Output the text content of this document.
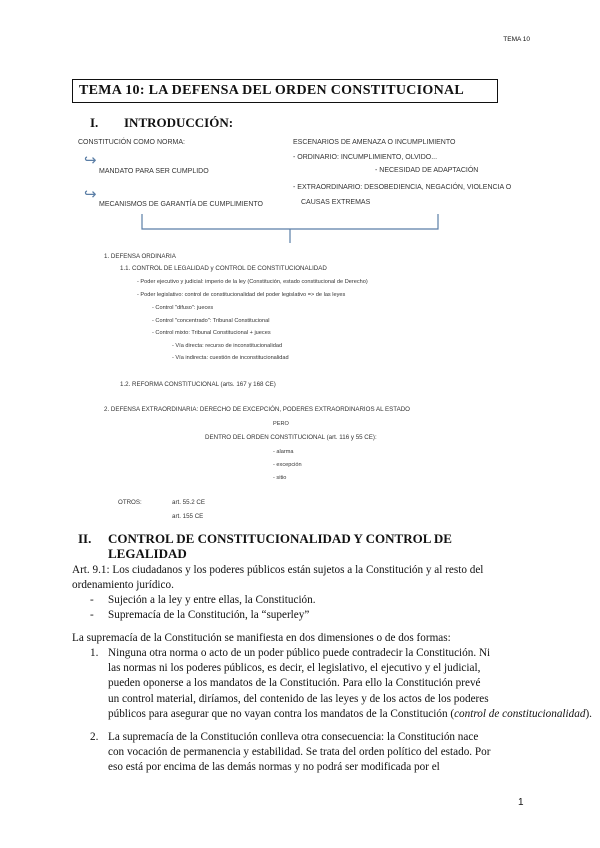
TEMA 10
TEMA 10: LA DEFENSA DEL ORDEN CONSTITUCIONAL
I. INTRODUCCIÓN:
CONSTITUCIÓN COMO NORMA:
↪
MANDATO PARA SER CUMPLIDO
↪
MECANISMOS DE GARANTÍA DE CUMPLIMIENTO
ESCENARIOS DE AMENAZA O INCUMPLIMIENTO
- ORDINARIO: INCUMPLIMIENTO, OLVIDO...
- NECESIDAD DE ADAPTACIÓN
- EXTRAORDINARIO: DESOBEDIENCIA, NEGACIÓN, VIOLENCIA O
CAUSAS EXTREMAS
1. DEFENSA ORDINARIA
1.1. CONTROL DE LEGALIDAD y CONTROL DE CONSTITUCIONALIDAD
- Poder ejecutivo y judicial: imperio de la ley (Constitución, estado constitucional de Derecho)
- Poder legislativo: control de constitucionalidad del poder legislativo => de las leyes
- Control "difuso": jueces
- Control "concentrado": Tribunal Constitucional
- Control mixto: Tribunal Constitucional + jueces
- Vía directa: recurso de inconstitucionalidad
- Vía indirecta: cuestión de inconstitucionalidad
1.2. REFORMA CONSTITUCIONAL (arts. 167 y 168 CE)
2. DEFENSA EXTRAORDINARIA: DERECHO DE EXCEPCIÓN, PODERES EXTRAORDINARIOS AL ESTADO
PERO
DENTRO DEL ORDEN CONSTITUCIONAL (art. 116 y 55 CE):
- alarma
- excepción
- sitio
OTROS:	art. 55.2 CE
art. 155 CE
II. CONTROL DE CONSTITUCIONALIDAD Y CONTROL DE
LEGALIDAD
Art. 9.1: Los ciudadanos y los poderes públicos están sujetos a la Constitución y al resto del
ordenamiento jurídico.
- Sujeción a la ley y entre ellas, la Constitución.
- Supremacía de la Constitución, la “superley”
La supremacía de la Constitución se manifiesta en dos dimensiones o de dos formas:
1. Ninguna otra norma o acto de un poder público puede contradecir la Constitución. Ni
las normas ni los poderes públicos, es decir, el legislativo, el ejecutivo y el judicial,
pueden oponerse a los mandatos de la Constitución. Para ello la Constitución prevé
un control material, diríamos, del contenido de las leyes y de los actos de los poderes
públicos para asegurar que no vayan contra los mandatos de la Constitución (control de constitucionalidad).
2. La supremacía de la Constitución conlleva otra consecuencia: la Constitución nace
con vocación de permanencia y estabilidad. Se trata del orden político del estado. Por
eso está por encima de las demás normas y no podrá ser modificada por el
1
